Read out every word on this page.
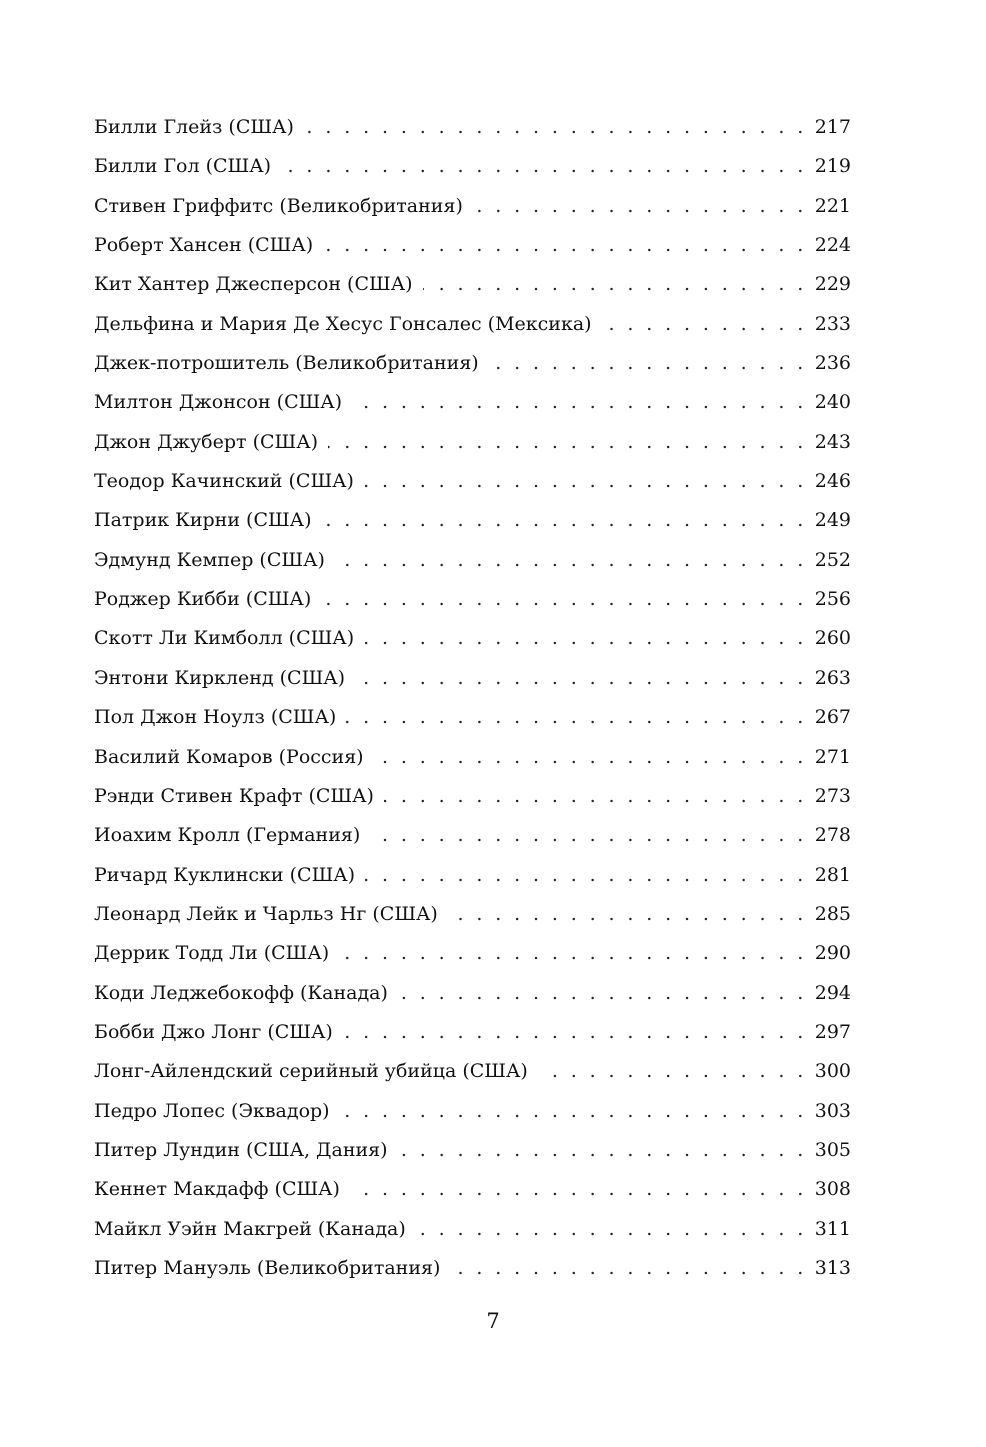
Билли Глейз (США) . . .	217
Билли Гол (США) . . .	219
Стивен Гриффитс (Великобритания) . . .	221
Роберт Хансен (США) . . .	224
Кит Хантер Джесперсон (США) . . .	229
Дельфина и Мария Де Хесус Гонсалес (Мексика) . . .	233
Джек-потрошитель (Великобритания) . . .	236
Милтон Джонсон (США) . . .	240
Джон Джуберт (США) . . .	243
Теодор Качинский (США) . . .	246
Патрик Кирни (США) . . .	249
Эдмунд Кемпер (США) . . .	252
Роджер Кибби (США) . . .	256
Скотт Ли Кимболл (США) . . .	260
Энтони Киркленд (США) . . .	263
Пол Джон Ноулз (США) . . .	267
Василий Комаров (Россия) . . .	271
Рэнди Стивен Крафт (США) . . .	273
Иоахим Кролл (Германия) . . .	278
Ричард Куклински (США) . . .	281
Леонард Лейк и Чарльз Нг (США) . . .	285
Деррик Тодд Ли (США) . . .	290
Коди Леджебокофф (Канада) . . .	294
Бобби Джо Лонг (США) . . .	297
Лонг-Айлендский серийный убийца (США) . . .	300
Педро Лопес (Эквадор) . . .	303
Питер Лундин (США, Дания) . . .	305
Кеннет Макдафф (США) . . .	308
Майкл Уэйн Макгрей (Канада) . . .	311
Питер Мануэль (Великобритания) . . .	313
7
